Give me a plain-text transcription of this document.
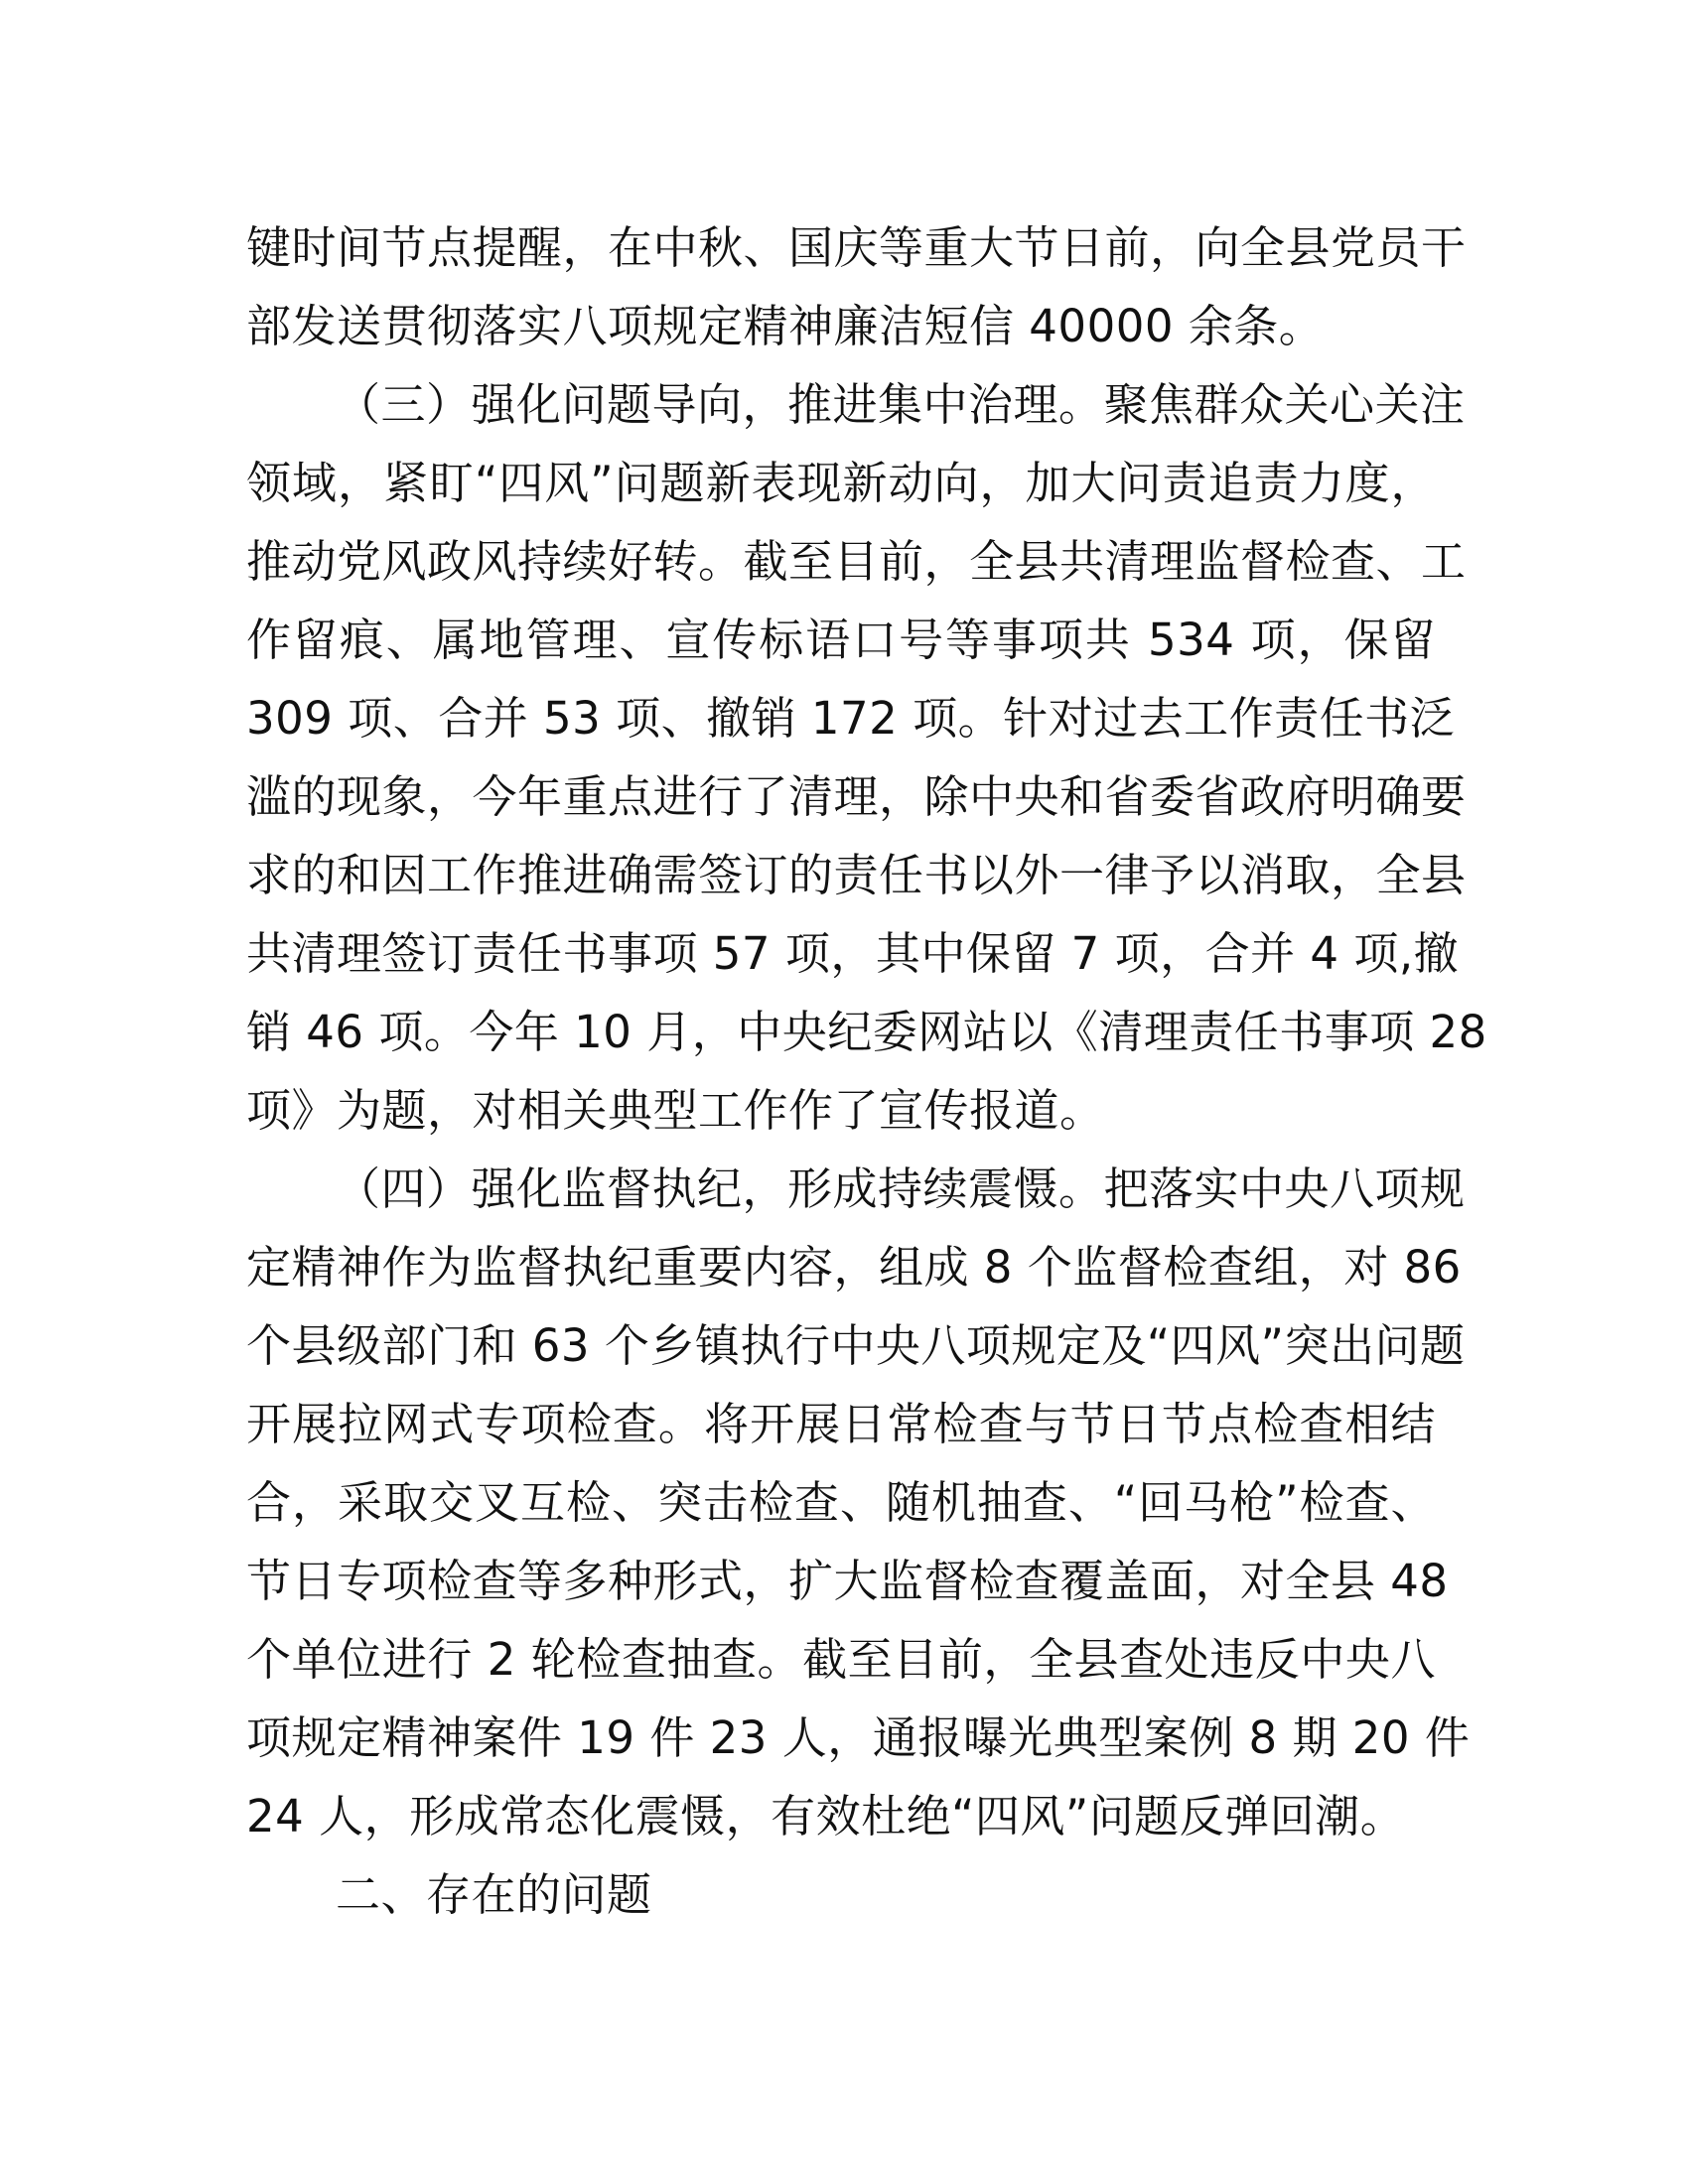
键时间节点提醒，在中秋、国庆等重大节日前，向全县党员干
部发送贯彻落实八项规定精神廉洁短信 40000 余条。
（三）强化问题导向，推进集中治理。聚焦群众关心关注
领域，紧盯“四风”问题新表现新动向，加大问责追责力度，
推动党风政风持续好转。截至目前，全县共清理监督检查、工
作留痕、属地管理、宣传标语口号等事项共 534 项，保留
309 项、合并 53 项、撤销 172 项。针对过去工作责任书泛
滥的现象，今年重点进行了清理，除中央和省委省政府明确要
求的和因工作推进确需签订的责任书以外一律予以消取，全县
共清理签订责任书事项 57 项，其中保留 7 项，合并 4 项,撤
销 46 项。今年 10 月，中央纪委网站以《清理责任书事项 28
项》为题，对相关典型工作作了宣传报道。
（四）强化监督执纪，形成持续震慑。把落实中央八项规
定精神作为监督执纪重要内容，组成 8 个监督检查组，对 86
个县级部门和 63 个乡镇执行中央八项规定及“四风”突出问题
开展拉网式专项检查。将开展日常检查与节日节点检查相结
合，采取交叉互检、突击检查、随机抽查、“回马枪”检查、
节日专项检查等多种形式，扩大监督检查覆盖面，对全县 48
个单位进行 2 轮检查抽查。截至目前，全县查处违反中央八
项规定精神案件 19 件 23 人，通报曝光典型案例 8 期 20 件
24 人，形成常态化震慑，有效杜绝“四风”问题反弹回潮。
二、存在的问题
